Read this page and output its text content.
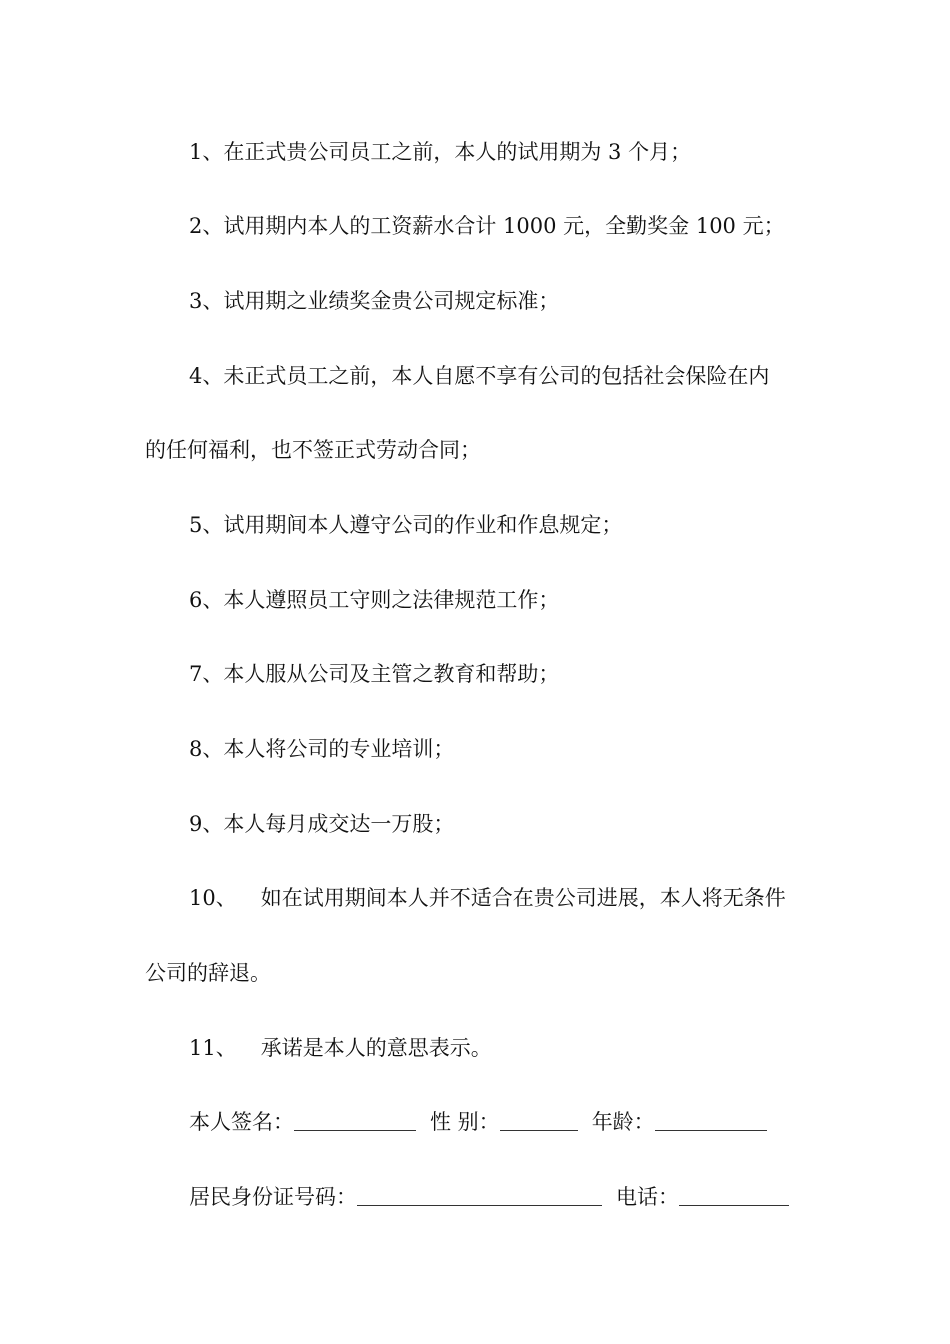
1、在正式贵公司员工之前，本人的试用期为 3 个月；
2、试用期内本人的工资薪水合计 1000 元，全勤奖金 100 元；
3、试用期之业绩奖金贵公司规定标准；
4、未正式员工之前，本人自愿不享有公司的包括社会保险在内
的任何福利，也不签正式劳动合同；
5、试用期间本人遵守公司的作业和作息规定；
6、本人遵照员工守则之法律规范工作；
7、本人服从公司及主管之教育和帮助；
8、本人将公司的专业培训；
9、本人每月成交达一万股；
10、 如在试用期间本人并不适合在贵公司进展，本人将无条件
公司的辞退。
11、 承诺是本人的意思表示。
本人签名：	性 别：	年龄：
居民身份证号码：	电话：
